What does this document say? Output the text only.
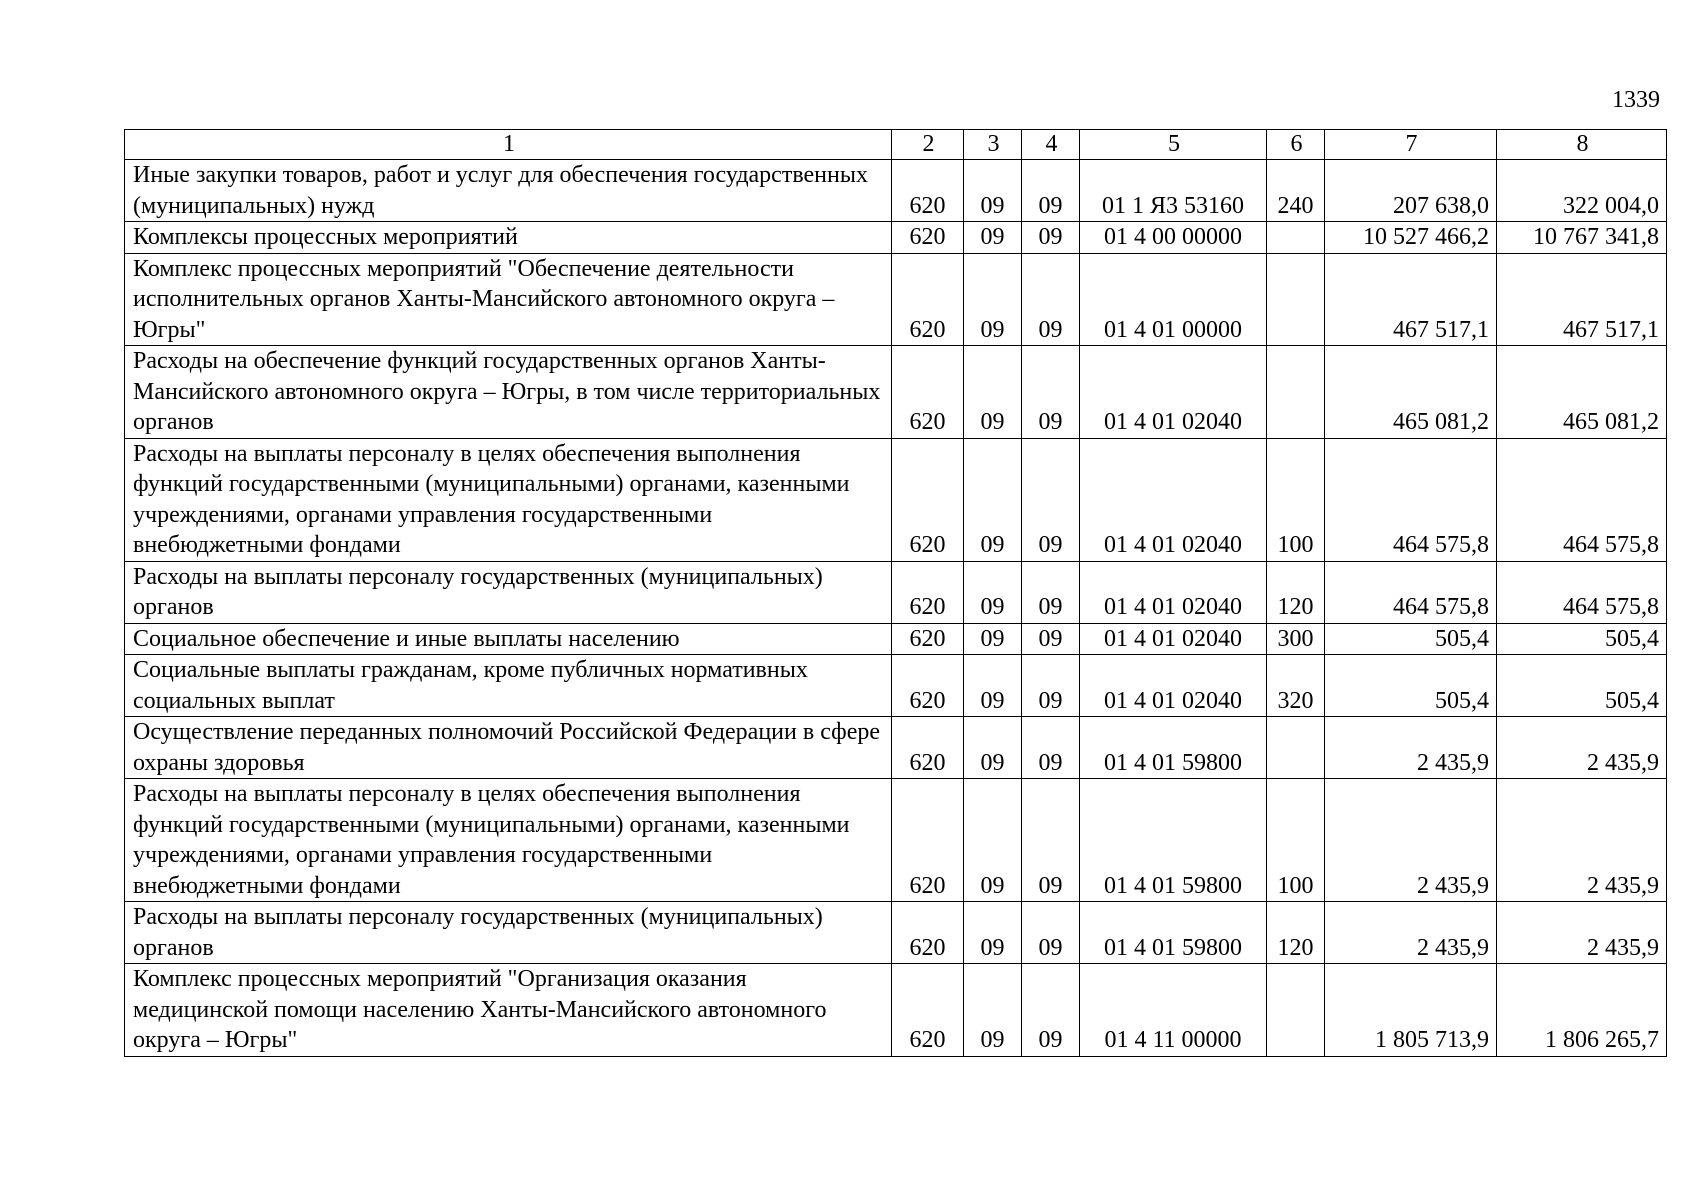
1339
1	2	3	4	5	6	7	8
Иные закупки товаров, работ и услуг для обеспечения государственных (муниципальных) нужд	620	09	09	01 1 Я3 53160	240	207 638,0	322 004,0
Комплексы процессных мероприятий	620	09	09	01 4 00 00000		10 527 466,2	10 767 341,8
Комплекс процессных мероприятий "Обеспечение деятельности исполнительных органов Ханты-Мансийского автономного округа – Югры"	620	09	09	01 4 01 00000		467 517,1	467 517,1
Расходы на обеспечение функций государственных органов Ханты-Мансийского автономного округа – Югры, в том числе территориальных органов	620	09	09	01 4 01 02040		465 081,2	465 081,2
Расходы на выплаты персоналу в целях обеспечения выполнения функций государственными (муниципальными) органами, казенными учреждениями, органами управления государственными внебюджетными фондами	620	09	09	01 4 01 02040	100	464 575,8	464 575,8
Расходы на выплаты персоналу государственных (муниципальных) органов	620	09	09	01 4 01 02040	120	464 575,8	464 575,8
Социальное обеспечение и иные выплаты населению	620	09	09	01 4 01 02040	300	505,4	505,4
Социальные выплаты гражданам, кроме публичных нормативных социальных выплат	620	09	09	01 4 01 02040	320	505,4	505,4
Осуществление переданных полномочий Российской Федерации в сфере охраны здоровья	620	09	09	01 4 01 59800		2 435,9	2 435,9
Расходы на выплаты персоналу в целях обеспечения выполнения функций государственными (муниципальными) органами, казенными учреждениями, органами управления государственными внебюджетными фондами	620	09	09	01 4 01 59800	100	2 435,9	2 435,9
Расходы на выплаты персоналу государственных (муниципальных) органов	620	09	09	01 4 01 59800	120	2 435,9	2 435,9
Комплекс процессных мероприятий "Организация оказания медицинской помощи населению Ханты-Мансийского автономного округа – Югры"	620	09	09	01 4 11 00000		1 805 713,9	1 806 265,7
